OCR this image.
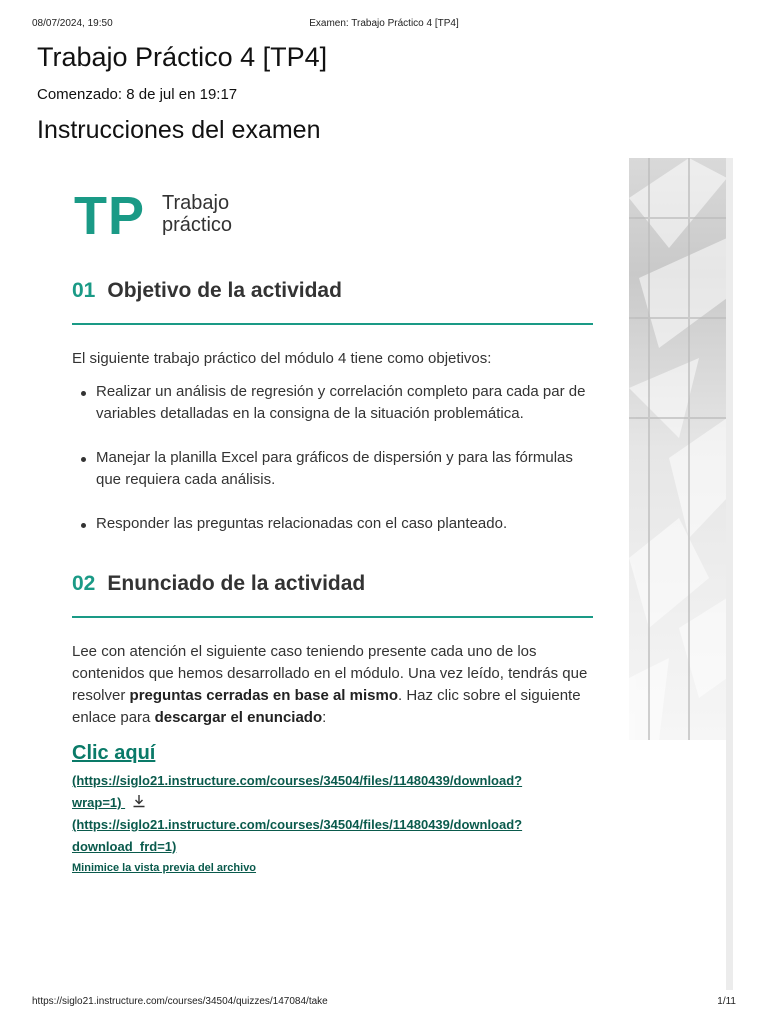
08/07/2024, 19:50	Examen: Trabajo Práctico 4 [TP4]
Trabajo Práctico 4 [TP4]
Comenzado: 8 de jul en 19:17
Instrucciones del examen
TP Trabajo
práctico
01 Objetivo de la actividad
El siguiente trabajo práctico del módulo 4 tiene como objetivos:
Realizar un análisis de regresión y correlación completo para cada par de variables detalladas en la consigna de la situación problemática.
Manejar la planilla Excel para gráficos de dispersión y para las fórmulas que requiera cada análisis.
Responder las preguntas relacionadas con el caso planteado.
02 Enunciado de la actividad
Lee con atención el siguiente caso teniendo presente cada uno de los contenidos que hemos desarrollado en el módulo. Una vez leído, tendrás que resolver preguntas cerradas en base al mismo. Haz clic sobre el siguiente enlace para descargar el enunciado:
Clic aquí
(https://siglo21.instructure.com/courses/34504/files/11480439/download?
wrap=1)
(https://siglo21.instructure.com/courses/34504/files/11480439/download?
download_frd=1)
Minimice la vista previa del archivo
https://siglo21.instructure.com/courses/34504/quizzes/147084/take	1/11
